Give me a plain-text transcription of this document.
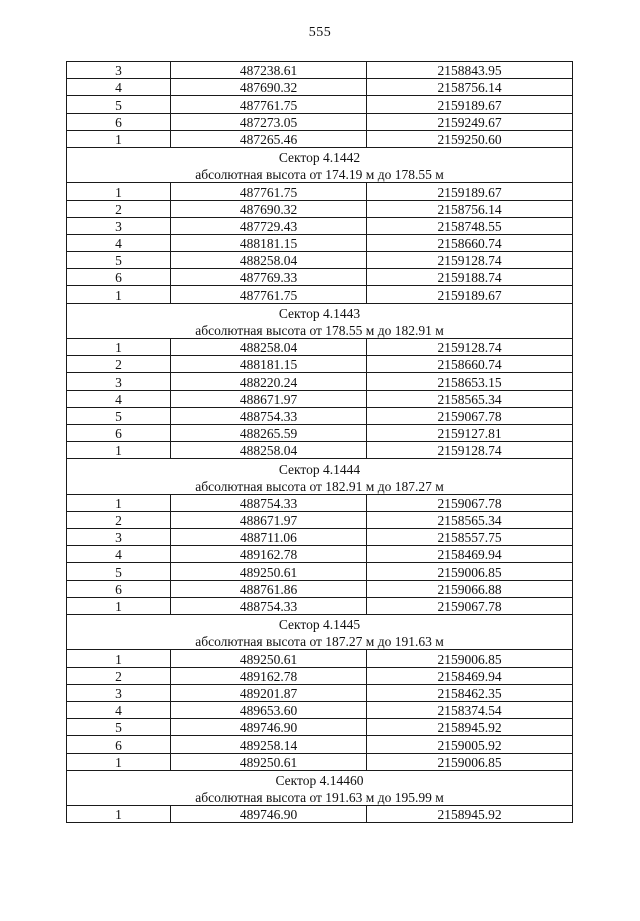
555
3	487238.61	2158843.95
4	487690.32	2158756.14
5	487761.75	2159189.67
6	487273.05	2159249.67
1	487265.46	2159250.60
Сектор 4.1442		
абсолютная высота от 174.19 м до 178.55 м		
1	487761.75	2159189.67
2	487690.32	2158756.14
3	487729.43	2158748.55
4	488181.15	2158660.74
5	488258.04	2159128.74
6	487769.33	2159188.74
1	487761.75	2159189.67
Сектор 4.1443		
абсолютная высота от 178.55 м до 182.91 м		
1	488258.04	2159128.74
2	488181.15	2158660.74
3	488220.24	2158653.15
4	488671.97	2158565.34
5	488754.33	2159067.78
6	488265.59	2159127.81
1	488258.04	2159128.74
Сектор 4.1444		
абсолютная высота от 182.91 м до 187.27 м		
1	488754.33	2159067.78
2	488671.97	2158565.34
3	488711.06	2158557.75
4	489162.78	2158469.94
5	489250.61	2159006.85
6	488761.86	2159066.88
1	488754.33	2159067.78
Сектор 4.1445		
абсолютная высота от 187.27 м до 191.63 м		
1	489250.61	2159006.85
2	489162.78	2158469.94
3	489201.87	2158462.35
4	489653.60	2158374.54
5	489746.90	2158945.92
6	489258.14	2159005.92
1	489250.61	2159006.85
Сектор 4.14460		
абсолютная высота от 191.63 м до 195.99 м		
1	489746.90	2158945.92
